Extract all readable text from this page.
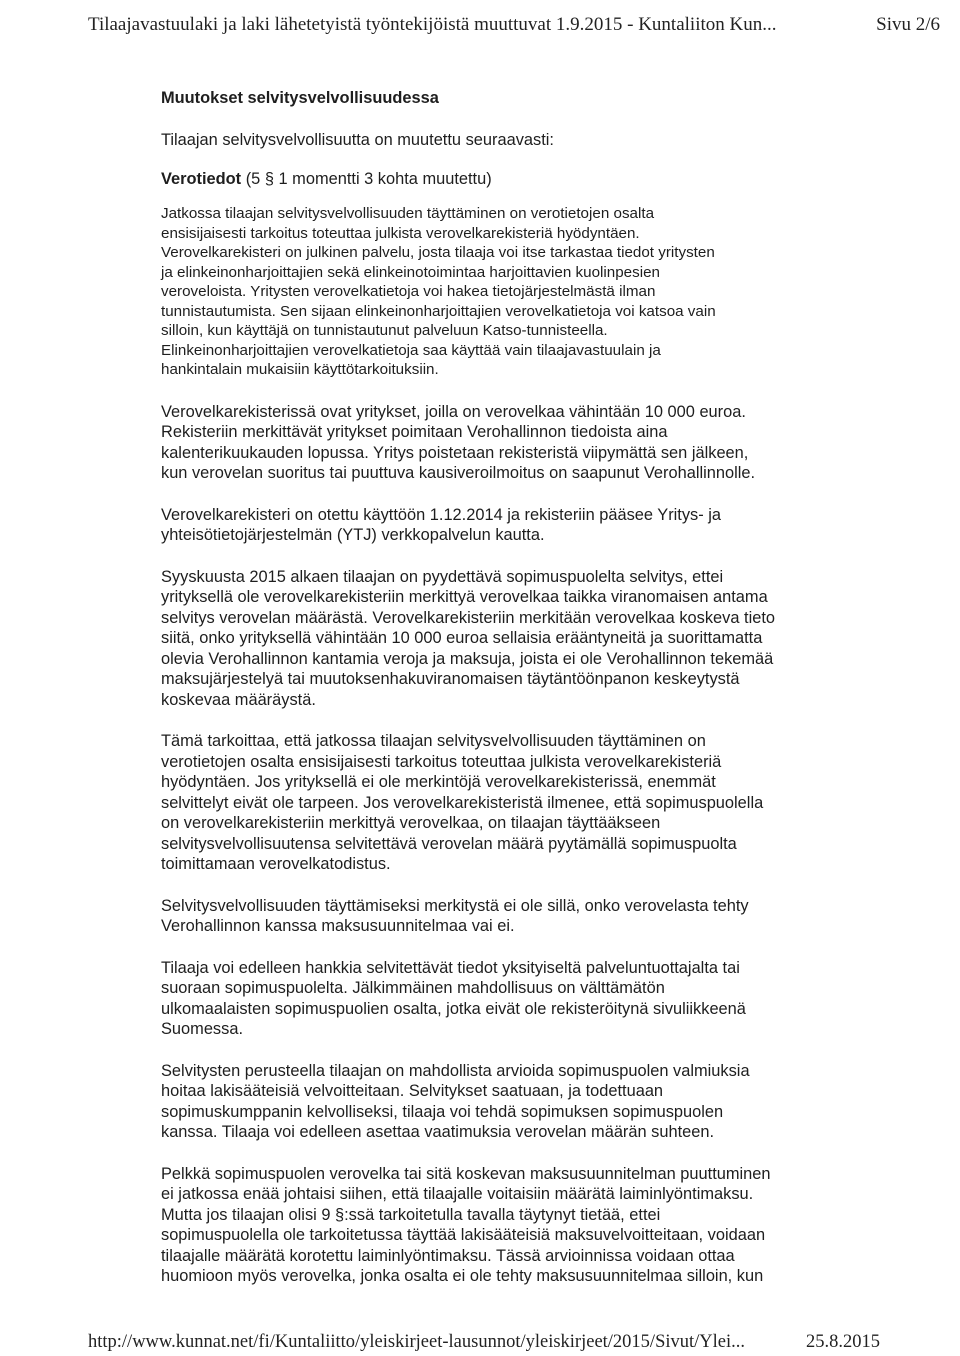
Tilaajavastuulaki ja laki lähetetyistä työntekijöistä muuttuvat 1.9.2015 - Kuntaliiton Kun...	Sivu 2/6
Muutokset selvitysvelvollisuudessa
Tilaajan selvitysvelvollisuutta on muutettu seuraavasti:
Verotiedot (5 § 1 momentti 3 kohta muutettu)
Jatkossa tilaajan selvitysvelvollisuuden täyttäminen on verotietojen osalta
ensisijaisesti tarkoitus toteuttaa julkista verovelkarekisteriä hyödyntäen.
Verovelkarekisteri on julkinen palvelu, josta tilaaja voi itse tarkastaa tiedot yritysten
ja elinkeinonharjoittajien sekä elinkeinotoimintaa harjoittavien kuolinpesien
veroveloista. Yritysten verovelkatietoja voi hakea tietojärjestelmästä ilman
tunnistautumista. Sen sijaan elinkeinonharjoittajien verovelkatietoja voi katsoa vain
silloin, kun käyttäjä on tunnistautunut palveluun Katso-tunnisteella.
Elinkeinonharjoittajien verovelkatietoja saa käyttää vain tilaajavastuulain ja
hankintalain mukaisiin käyttötarkoituksiin.
Verovelkarekisterissä ovat yritykset, joilla on verovelkaa vähintään 10 000 euroa.
Rekisteriin merkittävät yritykset poimitaan Verohallinnon tiedoista aina
kalenterikuukauden lopussa. Yritys poistetaan rekisteristä viipymättä sen jälkeen,
kun verovelan suoritus tai puuttuva kausiveroilmoitus on saapunut Verohallinnolle.
Verovelkarekisteri on otettu käyttöön 1.12.2014 ja rekisteriin pääsee Yritys- ja
yhteisötietojärjestelmän (YTJ) verkkopalvelun kautta.
Syyskuusta 2015 alkaen tilaajan on pyydettävä sopimuspuolelta selvitys, ettei
yrityksellä ole verovelkarekisteriin merkittyä verovelkaa taikka viranomaisen antama
selvitys verovelan määrästä. Verovelkarekisteriin merkitään verovelkaa koskeva tieto
siitä, onko yrityksellä vähintään 10 000 euroa sellaisia erääntyneitä ja suorittamatta
olevia Verohallinnon kantamia veroja ja maksuja, joista ei ole Verohallinnon tekemää
maksujärjestelyä tai muutoksenhakuviranomaisen täytäntöönpanon keskeytystä
koskevaa määräystä.
Tämä tarkoittaa, että jatkossa tilaajan selvitysvelvollisuuden täyttäminen on
verotietojen osalta ensisijaisesti tarkoitus toteuttaa julkista verovelkarekisteriä
hyödyntäen. Jos yrityksellä ei ole merkintöjä verovelkarekisterissä, enemmät
selvittelyt eivät ole tarpeen. Jos verovelkarekisteristä ilmenee, että sopimuspuolella
on verovelkarekisteriin merkittyä verovelkaa, on tilaajan täyttääkseen
selvitysvelvollisuutensa selvitettävä verovelan määrä pyytämällä sopimuspuolta
toimittamaan verovelkatodistus.
Selvitysvelvollisuuden täyttämiseksi merkitystä ei ole sillä, onko verovelasta tehty
Verohallinnon kanssa maksusuunnitelmaa vai ei.
Tilaaja voi edelleen hankkia selvitettävät tiedot yksityiseltä palveluntuottajalta tai
suoraan sopimuspuolelta. Jälkimmäinen mahdollisuus on välttämätön
ulkomaalaisten sopimuspuolien osalta, jotka eivät ole rekisteröitynä sivuliikkeenä
Suomessa.
Selvitysten perusteella tilaajan on mahdollista arvioida sopimuspuolen valmiuksia
hoitaa lakisääteisiä velvoitteitaan. Selvitykset saatuaan, ja todettuaan
sopimuskumppanin kelvolliseksi, tilaaja voi tehdä sopimuksen sopimuspuolen
kanssa. Tilaaja voi edelleen asettaa vaatimuksia verovelan määrän suhteen.
Pelkkä sopimuspuolen verovelka tai sitä koskevan maksusuunnitelman puuttuminen
ei jatkossa enää johtaisi siihen, että tilaajalle voitaisiin määrätä laiminlyöntimaksu.
Mutta jos tilaajan olisi 9 §:ssä tarkoitetulla tavalla täytynyt tietää, ettei
sopimuspuolella ole tarkoitetussa täyttää lakisääteisiä maksuvelvoitteitaan, voidaan
tilaajalle määrätä korotettu laiminlyöntimaksu. Tässä arvioinnissa voidaan ottaa
huomioon myös verovelka, jonka osalta ei ole tehty maksusuunnitelmaa silloin, kun
http://www.kunnat.net/fi/Kuntaliitto/yleiskirjeet-lausunnot/yleiskirjeet/2015/Sivut/Ylei...	25.8.2015
